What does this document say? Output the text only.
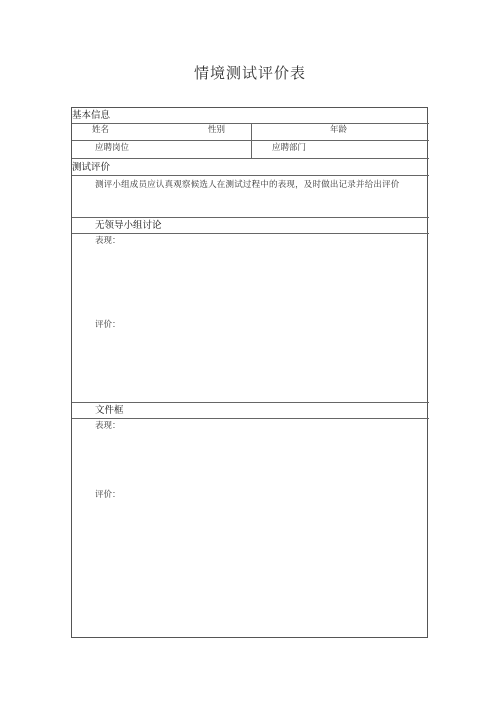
情境测试评价表
基本信息
姓名	性别	年龄
应聘岗位	应聘部门
测试评价
测评小组成员应认真观察候选人在测试过程中的表现，及时做出记录并给出评价
无领导小组讨论
表现：
评价：
文件框
表现：
评价：
